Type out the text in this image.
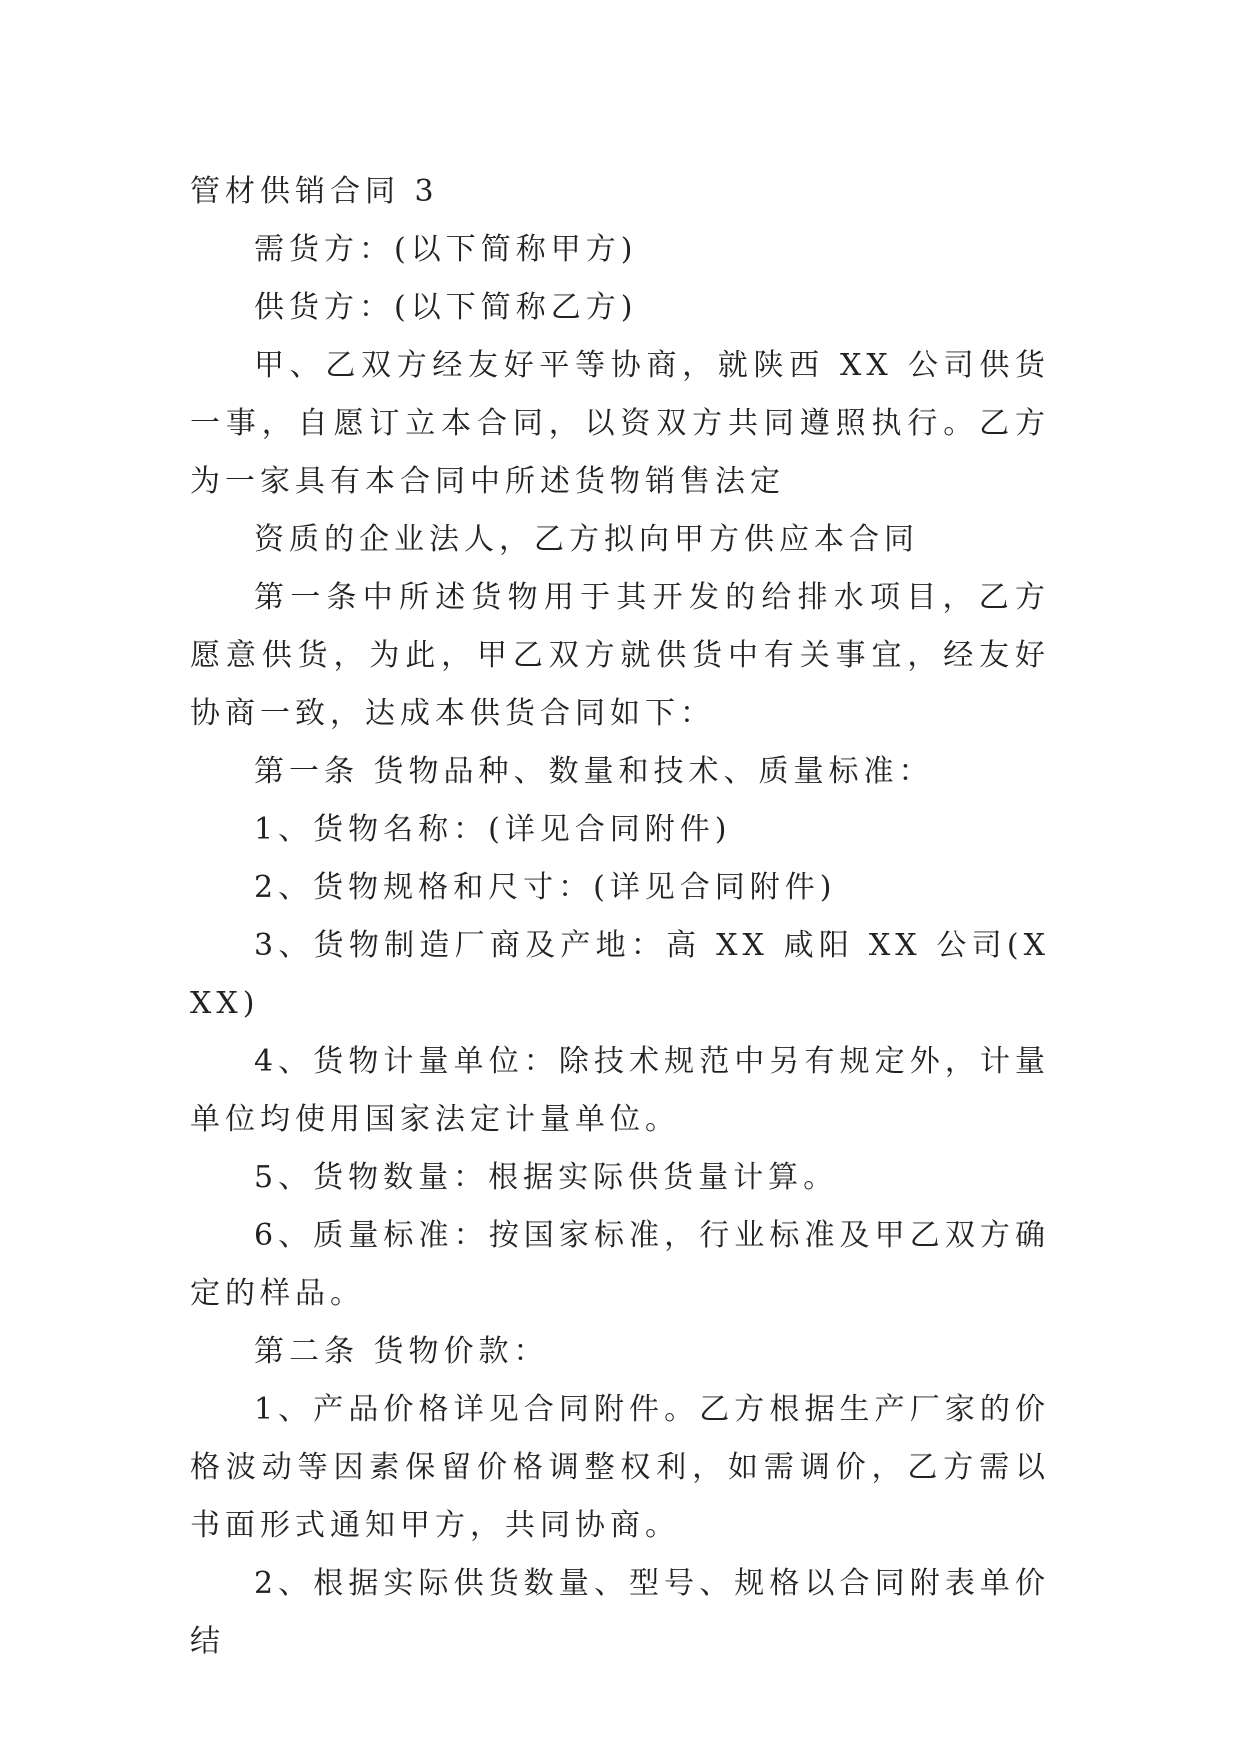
管材供销合同 3

需货方：(以下简称甲方)

供货方：(以下简称乙方)

甲、乙双方经友好平等协商，就陕西 XX 公司供货一事，自愿订立本合同，以资双方共同遵照执行。乙方为一家具有本合同中所述货物销售法定

资质的企业法人，乙方拟向甲方供应本合同

第一条中所述货物用于其开发的给排水项目，乙方愿意供货，为此，甲乙双方就供货中有关事宜，经友好协商一致，达成本供货合同如下：

第一条 货物品种、数量和技术、质量标准：

1、货物名称：(详见合同附件)

2、货物规格和尺寸：(详见合同附件)

3、货物制造厂商及产地：高 XX 咸阳 XX 公司(XXX)

4、货物计量单位：除技术规范中另有规定外，计量单位均使用国家法定计量单位。

5、货物数量：根据实际供货量计算。

6、质量标准：按国家标准，行业标准及甲乙双方确定的样品。

第二条 货物价款：

1、产品价格详见合同附件。乙方根据生产厂家的价格波动等因素保留价格调整权利，如需调价，乙方需以书面形式通知甲方，共同协商。

2、根据实际供货数量、型号、规格以合同附表单价结
